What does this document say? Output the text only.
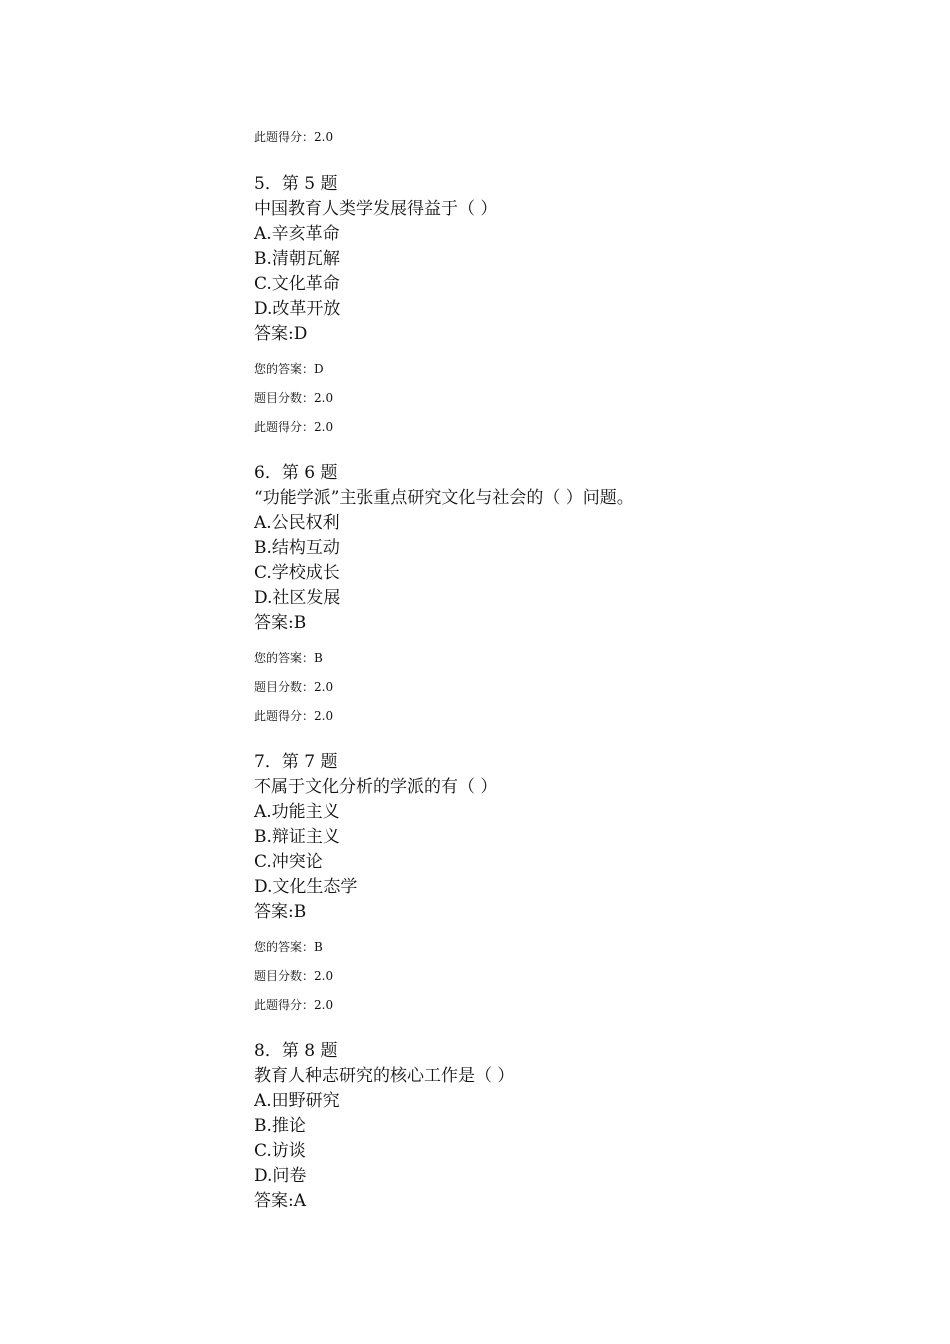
此题得分：2.0
5．第 5 题
中国教育人类学发展得益于（ ）
A.辛亥革命
B.清朝瓦解
C.文化革命
D.改革开放
答案:D
您的答案：D
题目分数：2.0
此题得分：2.0
6．第 6 题
“功能学派”主张重点研究文化与社会的（ ）问题。
A.公民权利
B.结构互动
C.学校成长
D.社区发展
答案:B
您的答案：B
题目分数：2.0
此题得分：2.0
7．第 7 题
不属于文化分析的学派的有（ ）
A.功能主义
B.辩证主义
C.冲突论
D.文化生态学
答案:B
您的答案：B
题目分数：2.0
此题得分：2.0
8．第 8 题
教育人种志研究的核心工作是（ ）
A.田野研究
B.推论
C.访谈
D.问卷
答案:A
